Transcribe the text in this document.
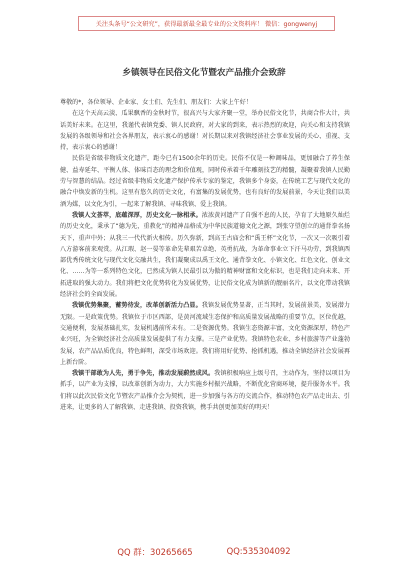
关注头条号“公文研究”，获得最新最全最专业的公文资料库！ 微信：gongwenyj
乡镇领导在民俗文化节暨农产品推介会致辞

尊敬的*，各位领导、企业家、女士们、先生们、朋友们：大家上午好！

在这个天高云淡、瓜果飘香的金秋时节，很高兴与大家齐聚一堂，举办民俗文化节，共商合作大计，共话美好未来。在这里，我谨代表镇党委、镇人民政府，对大家的到来，表示热烈的欢迎，向关心和支持我镇发展的各级领导和社会各界朋友，表示衷心的感谢！对长期以来对我镇经济社会事业发展的关心、重视、支持，表示衷心的感谢！

民俗是省级非物质文化遗产，距今已有1500余年的历史。民俗不仅是一种调味品，更加融合了养生保健、益寿延年、平衡人体、体味百态的理念和价值观，同时传承着千年雕刻技艺的精髓，凝聚着我镇人民勤劳与智慧的结晶。经过省级非物质文化遗产保护传承专家的鉴定，我镇多个身姿，在传统工艺与现代文化的融合中焕发新的生机。这里有悠久的历史文化，有富集的发展优势，也有良好的发展前景，今天让我们以美酒为媒，以文化为引，一起来了解我镇、寻味我镇、爱上我镇。

我镇人文荟萃，底蕴深厚，历史文化一脉相承。浓浓黄河遗产了自强不息的人民，孕育了大地原久灿烂的历史文化，秉承了“德为先，重教化”的精神品格成为中华民族道德文化之源，到张守望创立的通背拳名扬天下，重声中外；从我三一代代新火相传。历久弥新，到高王古庙会和“禹王杯”文化节，一次又一次吸引着八方游客前来观赏。从江瑕、赵一晏等革命先辈艰苦卓绝、英勇抗战，为革命事业立下汗马功劳，到我镇西部优秀传统文化与现代文化交融共生，我们凝聚成以禹王文化、通背拳文化、小镇文化、红色文化、创业文化、……为等一系列特色文化，已然成为镇人民最引以为傲的精神财富和文化标识，也是我们走向未来、开拓进取的强大动力。我们将把文化优势转化为发展优势，让民俗文化成为镇新的靓丽名片，以文化带动我镇经济社会的全面发展。

我镇优势集聚，蓄势待发，改革创新活力凸显。我镇发展优势显著，正当其时，发展前景美，发展潜力无限。一是政策优势。我镇位于市区西部，是黄河流域生态保护和高质量发展战略的重要节点，区位优越，交通便利，发展基础扎实，发展机遇前所未有。二是资源优势。我镇生态资源丰富，文化资源深厚，特色产业兴旺，为全镇经济社会高质量发展提供了有力支撑。三是产业优势。我镇特色农业、乡村旅游等产业蓬勃发展，农产品品质优良，特色鲜明，深受市场欢迎。我们将用好优势、抢抓机遇，推动全镇经济社会发展再上新台阶。

我镇干部敢为人先，勇于争先，推动发展蔚然成风。我镇积极响应上级号召，主动作为，坚持以项目为抓手，以产业为支撑，以改革创新为动力，大力实施乡村振兴战略，不断优化营商环境，提升服务水平。我们将以此次民俗文化节暨农产品推介会为契机，进一步加强与各方的交流合作，推动特色农产品走出去、引进来，让更多的人了解我镇、走进我镇、投资我镇，携手共创更加美好的明天！

QQ 群：30265665	QQ:535304092
